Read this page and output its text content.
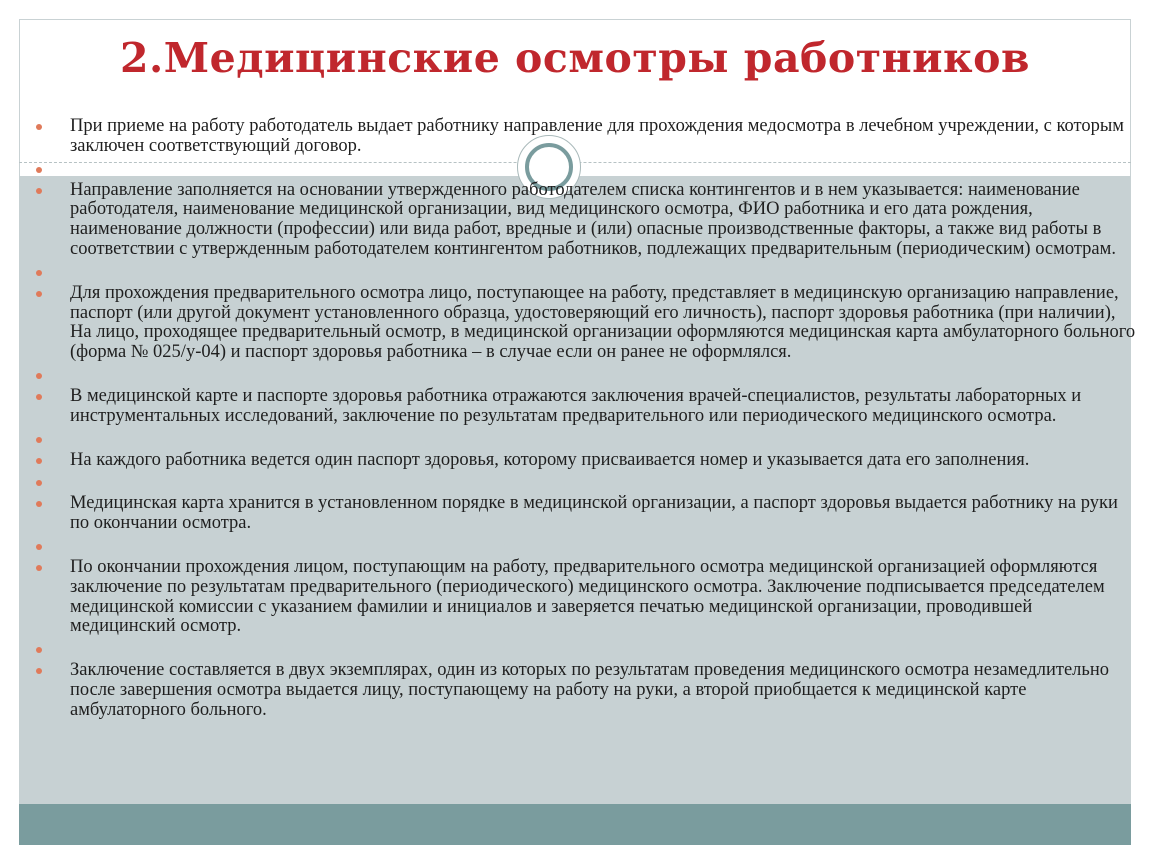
2.Медицинские осмотры работников
При приеме на работу работодатель выдает работнику направление для прохождения медосмотра в лечебном учреждении, с которым заключен соответствующий договор.
Направление заполняется на основании утвержденного работодателем списка контингентов и в нем указывается: наименование работодателя, наименование медицинской организации, вид медицинского осмотра, ФИО работника и его дата рождения, наименование должности (профессии) или вида работ, вредные и (или) опасные производственные факторы, а также вид работы в соответствии с утвержденным работодателем контингентом работников, подлежащих предварительным (периодическим) осмотрам.
Для прохождения предварительного осмотра лицо, поступающее на работу, представляет в медицинскую организацию направление, паспорт (или другой документ установленного образца, удостоверяющий его личность), паспорт здоровья работника (при наличии), На лицо, проходящее предварительный осмотр, в медицинской организации оформляются медицинская карта амбулаторного больного (форма № 025/у-04) и паспорт здоровья работника – в случае если он ранее не оформлялся.
В медицинской карте и паспорте здоровья работника отражаются заключения врачей-специалистов, результаты лабораторных и инструментальных исследований, заключение по результатам предварительного или периодического медицинского осмотра.
На каждого работника ведется один паспорт здоровья, которому присваивается номер и указывается дата его заполнения.
Медицинская карта хранится в установленном порядке в медицинской организации, а паспорт здоровья выдается работнику на руки по окончании осмотра.
По окончании прохождения лицом, поступающим на работу, предварительного осмотра медицинской организацией оформляются заключение по результатам предварительного (периодического) медицинского осмотра. Заключение подписывается председателем медицинской комиссии с указанием фамилии и инициалов и заверяется печатью медицинской организации, проводившей медицинский осмотр.
Заключение составляется в двух экземплярах, один из которых по результатам проведения медицинского осмотра незамедлительно после завершения осмотра выдается лицу, поступающему на работу на руки, а второй приобщается к медицинской карте амбулаторного больного.
